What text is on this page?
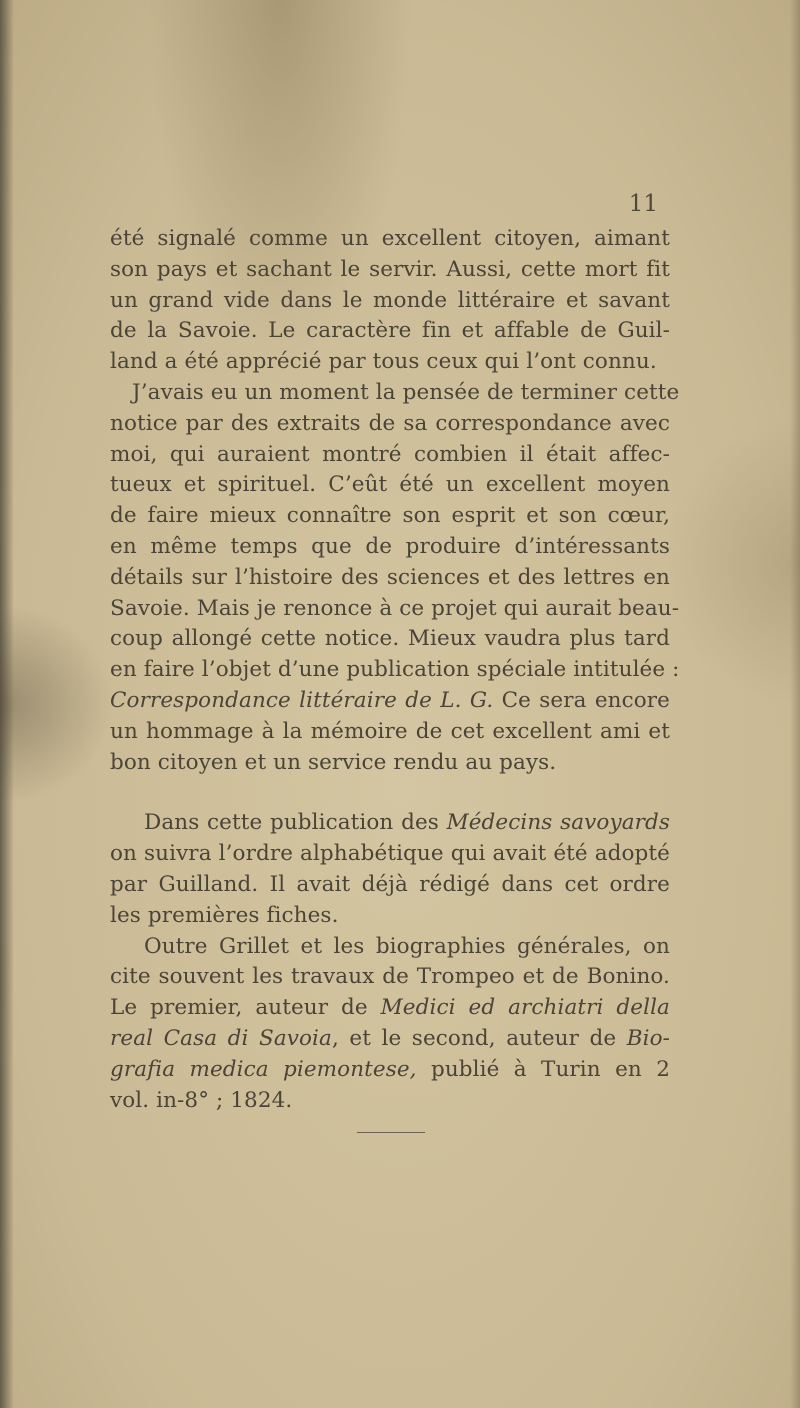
11
été signalé comme un excellent citoyen, aimant
son pays et sachant le servir. Aussi, cette mort fit
un grand vide dans le monde littéraire et savant
de la Savoie. Le caractère fin et affable de Guil-
land a été apprécié par tous ceux qui l’ont connu.
J’avais eu un moment la pensée de terminer cette
notice par des extraits de sa correspondance avec
moi, qui auraient montré combien il était affec-
tueux et spirituel. C’eût été un excellent moyen
de faire mieux connaître son esprit et son cœur,
en même temps que de produire d’intéressants
détails sur l’histoire des sciences et des lettres en
Savoie. Mais je renonce à ce projet qui aurait beau-
coup allongé cette notice. Mieux vaudra plus tard
en faire l’objet d’une publication spéciale intitulée :
Correspondance littéraire de L. G. Ce sera encore
un hommage à la mémoire de cet excellent ami et
bon citoyen et un service rendu au pays.
Dans cette publication des Médecins savoyards
on suivra l’ordre alphabétique qui avait été adopté
par Guilland. Il avait déjà rédigé dans cet ordre
les premières fiches.
Outre Grillet et les biographies générales, on
cite souvent les travaux de Trompeo et de Bonino.
Le premier, auteur de Medici ed archiatri della
real Casa di Savoia, et le second, auteur de Bio-
grafia medica piemontese, publié à Turin en 2
vol. in-8° ; 1824.
